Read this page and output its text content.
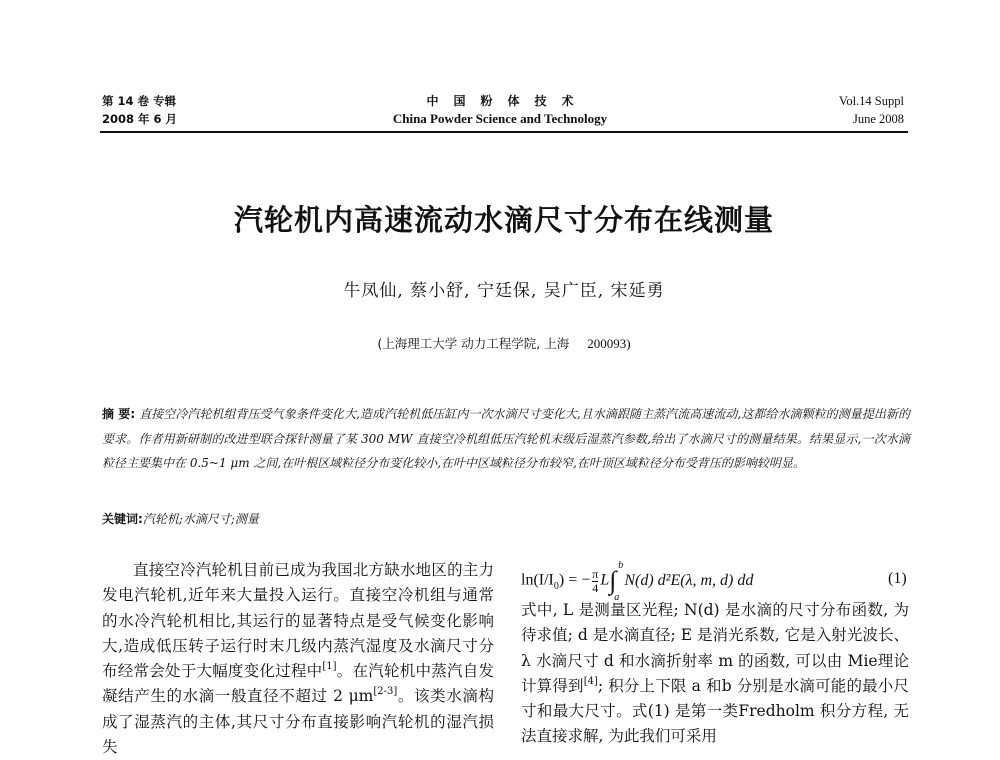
第 14 卷 专辑
2008 年 6 月
中国粉体技术
China Powder Science and Technology
Vol.14 Suppl
June 2008
汽轮机内高速流动水滴尺寸分布在线测量
牛凤仙, 蔡小舒, 宁廷保, 吴广臣, 宋延勇
(上海理工大学 动力工程学院, 上海 200093)
摘 要: 直接空冷汽轮机组背压受气象条件变化大,造成汽轮机低压缸内一次水滴尺寸变化大,且水滴跟随主蒸汽流高速流动,这都给水滴颗粒的测量提出新的要求。作者用新研制的改进型联合探针测量了某 300 MW 直接空冷机组低压汽轮机末级后湿蒸汽参数,给出了水滴尺寸的测量结果。结果显示,一次水滴粒径主要集中在 0.5~1 μm 之间,在叶根区域粒径分布变化较小,在叶中区域粒径分布较窄,在叶顶区域粒径分布受背压的影响较明显。
关键词:汽轮机;水滴尺寸;测量
直接空冷汽轮机目前已成为我国北方缺水地区的主力发电汽轮机,近年来大量投入运行。直接空冷机组与通常的水冷汽轮机相比,其运行的显著特点是受气候变化影响大,造成低压转子运行时末几级内蒸汽湿度及水滴尺寸分布经常会处于大幅度变化过程中[1]。在汽轮机中蒸汽自发凝结产生的水滴一般直径不超过 2 μm[2-3]。该类水滴构成了湿蒸汽的主体,其尺寸分布直接影响汽轮机的湿汽损失
$\ln(I/I_0)$ = − $\frac{\pi}{4} L\int$
b
a
N(d) d²E(λ, m, d) dd	(1)
式中, L 是测量区光程; N(d) 是水滴的尺寸分布函数, 为待求值; d 是水滴直径; E 是消光系数, 它是入射光波长、λ 水滴尺寸 d 和水滴折射率 m 的函数, 可以由 Mie理论计算得到[4]; 积分上下限 a 和b 分别是水滴可能的最小尺寸和最大尺寸。式(1) 是第一类Fredholm 积分方程, 无法直接求解, 为此我们可采用
